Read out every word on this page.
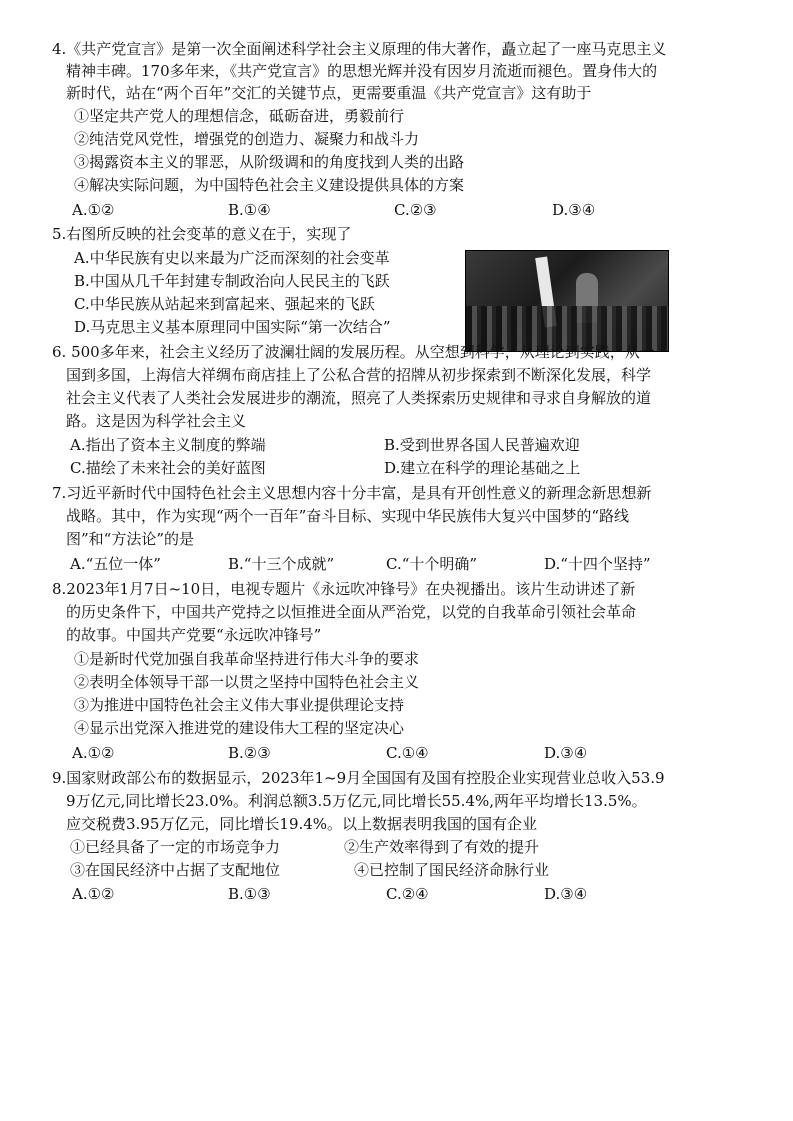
4.《共产党宣言》是第一次全面阐述科学社会主义原理的伟大著作，矗立起了一座马克思主义
精神丰碑。170多年来，《共产党宣言》的思想光辉并没有因岁月流逝而褪色。置身伟大的
新时代，站在“两个百年”交汇的关键节点，更需要重温《共产党宣言》这有助于
①坚定共产党人的理想信念，砥砺奋进，勇毅前行
②纯洁党风党性，增强党的创造力、凝聚力和战斗力
③揭露资本主义的罪恶，从阶级调和的角度找到人类的出路
④解决实际问题，为中国特色社会主义建设提供具体的方案
A.①②	B.①④	C.②③	D.③④
5.右图所反映的社会变革的意义在于，实现了
A.中华民族有史以来最为广泛而深刻的社会变革
B.中国从几千年封建专制政治向人民民主的飞跃
C.中华民族从站起来到富起来、强起来的飞跃
D.马克思主义基本原理同中国实际“第一次结合”
6. 500多年来，社会主义经历了波澜壮阔的发展历程。从空想到科学，从理论到实践，从一
国到多国，上海信大祥绸布商店挂上了公私合营的招牌从初步探索到不断深化发展，科学
社会主义代表了人类社会发展进步的潮流，照亮了人类探索历史规律和寻求自身解放的道
路。这是因为科学社会主义
A.指出了资本主义制度的弊端	B.受到世界各国人民普遍欢迎
C.描绘了未来社会的美好蓝图	D.建立在科学的理论基础之上
7.习近平新时代中国特色社会主义思想内容十分丰富，是具有开创性意义的新理念新思想新
战略。其中，作为实现“两个一百年”奋斗目标、实现中华民族伟大复兴中国梦的“路线
图”和“方法论”的是
A.“五位一体”	B.“十三个成就”	C.“十个明确”	D.“十四个坚持”
8.2023年1月7日~10日，电视专题片《永远吹冲锋号》在央视播出。该片生动讲述了新
的历史条件下，中国共产党持之以恒推进全面从严治党，以党的自我革命引领社会革命
的故事。中国共产党要“永远吹冲锋号”
①是新时代党加强自我革命坚持进行伟大斗争的要求
②表明全体领导干部一以贯之坚持中国特色社会主义
③为推进中国特色社会主义伟大事业提供理论支持
④显示出党深入推进党的建设伟大工程的坚定决心
A.①②	B.②③	C.①④	D.③④
9.国家财政部公布的数据显示，2023年1~9月全国国有及国有控股企业实现营业总收入53.9
9万亿元,同比增长23.0%。利润总额3.5万亿元,同比增长55.4%,两年平均增长13.5%。
应交税费3.95万亿元，同比增长19.4%。以上数据表明我国的国有企业
①已经具备了一定的市场竞争力	②生产效率得到了有效的提升
③在国民经济中占据了支配地位	④已控制了国民经济命脉行业
A.①②	B.①③	C.②④	D.③④
